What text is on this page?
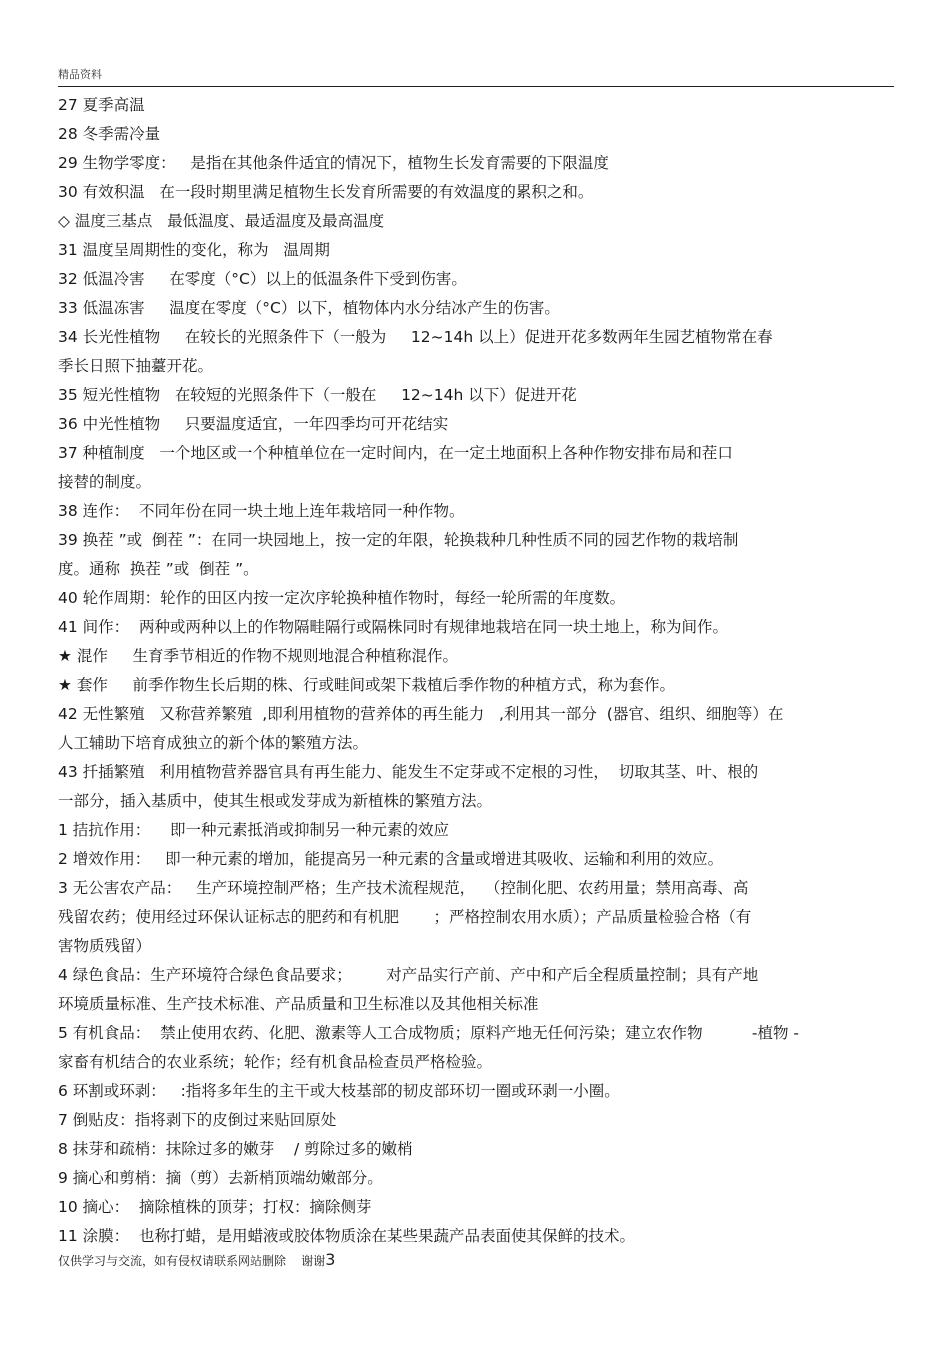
精品资料
27 夏季高温
28 冬季需冷量
29 生物学零度：   是指在其他条件适宜的情况下，植物生长发育需要的下限温度
30 有效积温   在一段时期里满足植物生长发育所需要的有效温度的累积之和。
◇ 温度三基点   最低温度、最适温度及最高温度
31 温度呈周期性的变化，称为   温周期
32 低温冷害     在零度（°C）以上的低温条件下受到伤害。
33 低温冻害     温度在零度（°C）以下，植物体内水分结冰产生的伤害。
34 长光性植物     在较长的光照条件下（一般为     12~14h 以上）促进开花多数两年生园艺植物常在春
季长日照下抽薹开花。
35 短光性植物   在较短的光照条件下（一般在     12~14h 以下）促进开花
36 中光性植物     只要温度适宜，一年四季均可开花结实
37 种植制度   一个地区或一个种植单位在一定时间内，在一定土地面积上各种作物安排布局和茬口
接替的制度。
38 连作：  不同年份在同一块土地上连年栽培同一种作物。
39 换茬 ”或  倒茬 ”：在同一块园地上，按一定的年限，轮换栽种几种性质不同的园艺作物的栽培制
度。通称  换茬 ”或  倒茬 ”。
40 轮作周期：轮作的田区内按一定次序轮换种植作物时，每经一轮所需的年度数。
41 间作：  两种或两种以上的作物隔畦隔行或隔株同时有规律地栽培在同一块土地上，称为间作。
★ 混作     生育季节相近的作物不规则地混合种植称混作。
★ 套作     前季作物生长后期的株、行或畦间或架下栽植后季作物的种植方式，称为套作。
42 无性繁殖   又称营养繁殖  ,即利用植物的营养体的再生能力   ,利用其一部分  (器官、组织、细胞等）在
人工辅助下培育成独立的新个体的繁殖方法。
43 扦插繁殖   利用植物营养器官具有再生能力、能发生不定芽或不定根的习性，  切取其茎、叶、根的
一部分，插入基质中，使其生根或发芽成为新植株的繁殖方法。
1 拮抗作用：    即一种元素抵消或抑制另一种元素的效应
2 增效作用：   即一种元素的增加，能提高另一种元素的含量或增进其吸收、运输和利用的效应。
3 无公害农产品：   生产环境控制严格；生产技术流程规范，  （控制化肥、农药用量；禁用高毒、高
残留农药；使用经过环保认证标志的肥药和有机肥       ；严格控制农用水质）；产品质量检验合格（有
害物质残留）
4 绿色食品：生产环境符合绿色食品要求；       对产品实行产前、产中和产后全程质量控制；具有产地
环境质量标准、生产技术标准、产品质量和卫生标准以及其他相关标准
5 有机食品：  禁止使用农药、化肥、激素等人工合成物质；原料产地无任何污染；建立农作物          -植物 -
家畜有机结合的农业系统；轮作；经有机食品检查员严格检验。
6 环割或环剥：   :指将多年生的主干或大枝基部的韧皮部环切一圈或环剥一小圈。
7 倒贴皮：指将剥下的皮倒过来贴回原处
8 抹芽和疏梢：抹除过多的嫩芽    / 剪除过多的嫩梢
9 摘心和剪梢：摘（剪）去新梢顶端幼嫩部分。
10 摘心：  摘除植株的顶芽；打权：摘除侧芽
11 涂膜：  也称打蜡，是用蜡液或胶体物质涂在某些果蔬产品表面使其保鲜的技术。
仅供学习与交流，如有侵权请联系网站删除    谢谢3
